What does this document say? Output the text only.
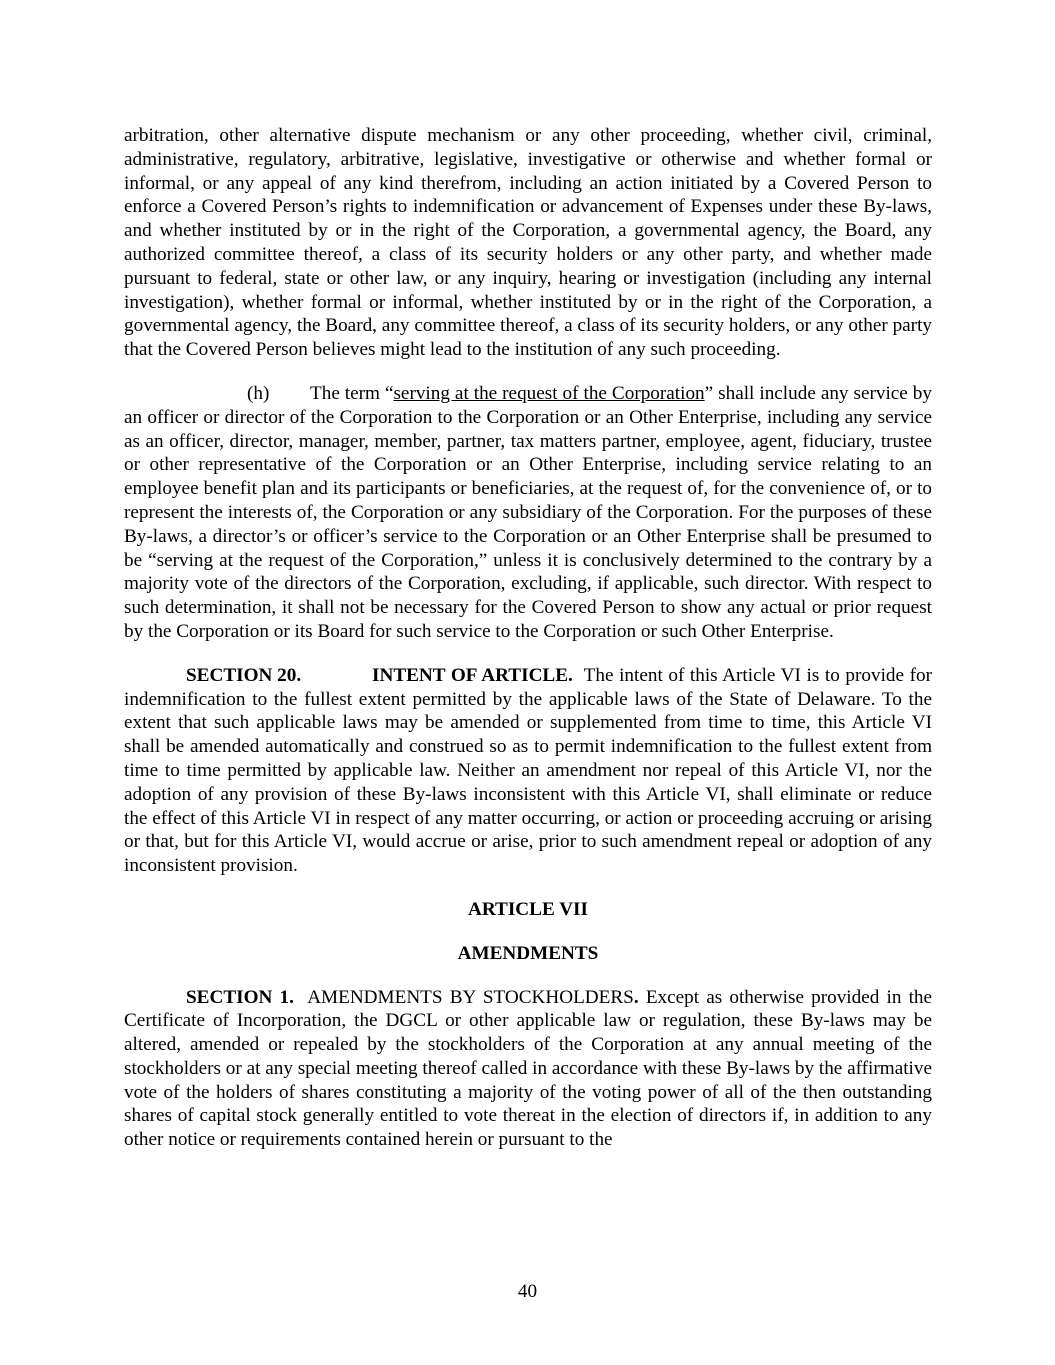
arbitration, other alternative dispute mechanism or any other proceeding, whether civil, criminal, administrative, regulatory, arbitrative, legislative, investigative or otherwise and whether formal or informal, or any appeal of any kind therefrom, including an action initiated by a Covered Person to enforce a Covered Person’s rights to indemnification or advancement of Expenses under these By-laws, and whether instituted by or in the right of the Corporation, a governmental agency, the Board, any authorized committee thereof, a class of its security holders or any other party, and whether made pursuant to federal, state or other law, or any inquiry, hearing or investigation (including any internal investigation), whether formal or informal, whether instituted by or in the right of the Corporation, a governmental agency, the Board, any committee thereof, a class of its security holders, or any other party that the Covered Person believes might lead to the institution of any such proceeding.

(h) The term “serving at the request of the Corporation” shall include any service by an officer or director of the Corporation to the Corporation or an Other Enterprise, including any service as an officer, director, manager, member, partner, tax matters partner, employee, agent, fiduciary, trustee or other representative of the Corporation or an Other Enterprise, including service relating to an employee benefit plan and its participants or beneficiaries, at the request of, for the convenience of, or to represent the interests of, the Corporation or any subsidiary of the Corporation. For the purposes of these By-laws, a director’s or officer’s service to the Corporation or an Other Enterprise shall be presumed to be “serving at the request of the Corporation,” unless it is conclusively determined to the contrary by a majority vote of the directors of the Corporation, excluding, if applicable, such director. With respect to such determination, it shall not be necessary for the Covered Person to show any actual or prior request by the Corporation or its Board for such service to the Corporation or such Other Enterprise.

SECTION 20.	INTENT OF ARTICLE. The intent of this Article VI is to provide for indemnification to the fullest extent permitted by the applicable laws of the State of Delaware. To the extent that such applicable laws may be amended or supplemented from time to time, this Article VI shall be amended automatically and construed so as to permit indemnification to the fullest extent from time to time permitted by applicable law. Neither an amendment nor repeal of this Article VI, nor the adoption of any provision of these By-laws inconsistent with this Article VI, shall eliminate or reduce the effect of this Article VI in respect of any matter occurring, or action or proceeding accruing or arising or that, but for this Article VI, would accrue or arise, prior to such amendment repeal or adoption of any inconsistent provision.

ARTICLE VII

AMENDMENTS

SECTION 1. AMENDMENTS BY STOCKHOLDERS. Except as otherwise provided in the Certificate of Incorporation, the DGCL or other applicable law or regulation, these By-laws may be altered, amended or repealed by the stockholders of the Corporation at any annual meeting of the stockholders or at any special meeting thereof called in accordance with these By-laws by the affirmative vote of the holders of shares constituting a majority of the voting power of all of the then outstanding shares of capital stock generally entitled to vote thereat in the election of directors if, in addition to any other notice or requirements contained herein or pursuant to the

40
